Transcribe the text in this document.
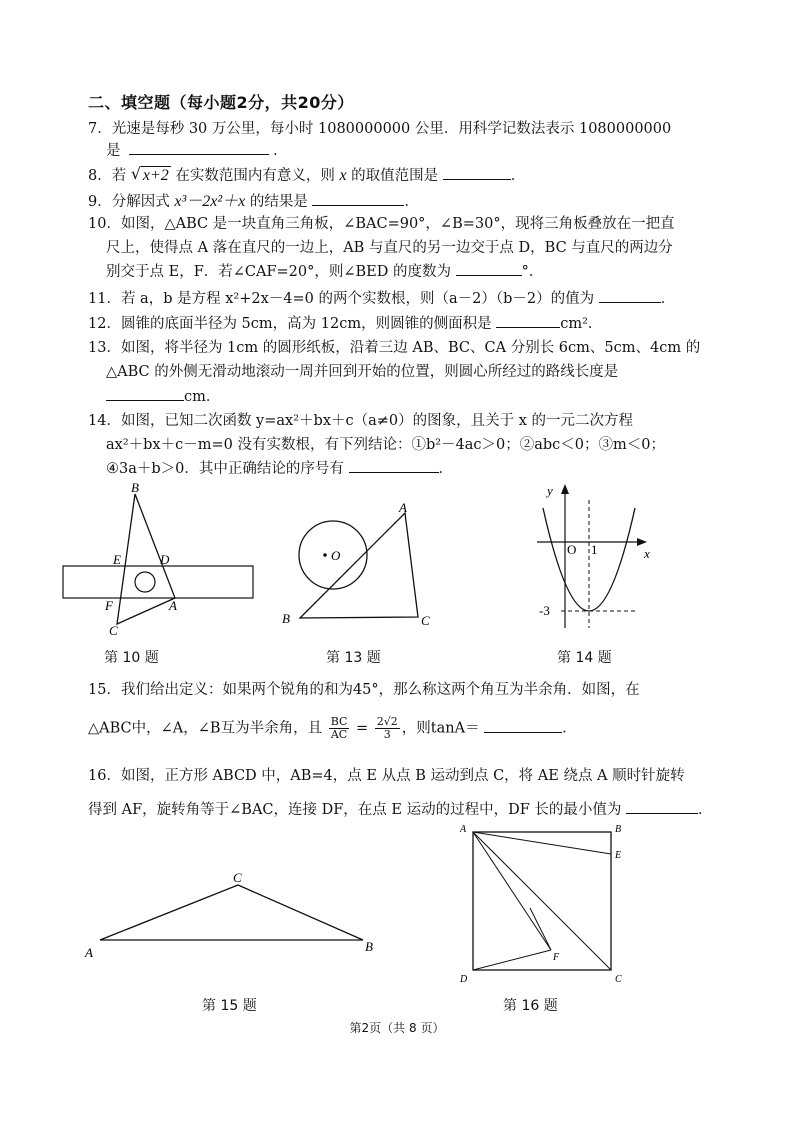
二、填空题（每小题2分，共20分）
7．光速是每秒 30 万公里，每小时 1080000000 公里．用科学记数法表示 1080000000
是	．
8．若 √ x+2 在实数范围内有意义，则 x 的取值范围是	．
9．分解因式 x³－2x²＋x 的结果是	．
10．如图，△ABC 是一块直角三角板，∠BAC=90°，∠B=30°，现将三角板叠放在一把直
尺上，使得点 A 落在直尺的一边上，AB 与直尺的另一边交于点 D，BC 与直尺的两边分
别交于点 E，F．若∠CAF=20°，则∠BED 的度数为	°．
11．若 a，b 是方程 x²+2x－4=0 的两个实数根，则（a－2）（b－2）的值为	．
12．圆锥的底面半径为 5cm，高为 12cm，则圆锥的侧面积是	cm²．
13．如图，将半径为 1cm 的圆形纸板，沿着三边 AB、BC、CA 分别长 6cm、5cm、4cm 的
△ABC 的外侧无滑动地滚动一周并回到开始的位置，则圆心所经过的路线长度是
cm．
14．如图，已知二次函数 y=ax²＋bx＋c（a≠0）的图象，且关于 x 的一元二次方程
ax²＋bx＋c－m=0 没有实数根，有下列结论：①b²－4ac＞0；②abc＜0；③m＜0；
④3a＋b＞0．其中正确结论的序号有	．
B
E	D
F	A
C
第 10 题
O
A
B	C
第 13 题
y
x
O 1
-3
第 14 题
15．我们给出定义：如果两个锐角的和为45°，那么称这两个角互为半余角．如图，在
△ABC中，∠A，∠B互为半余角，且 $\frac{BC}{AC} = \frac{2√2}{3}$ ，则tanA＝	．
16．如图，正方形 ABCD 中，AB=4，点 E 从点 B 运动到点 C，将 AE 绕点 A 顺时针旋转
得到 AF，旋转角等于∠BAC，连接 DF，在点 E 运动的过程中，DF 长的最小值为	．
A
C
B
第 15 题
A	B
E
F
D	C
第 16 题
第2页（共 8 页）
